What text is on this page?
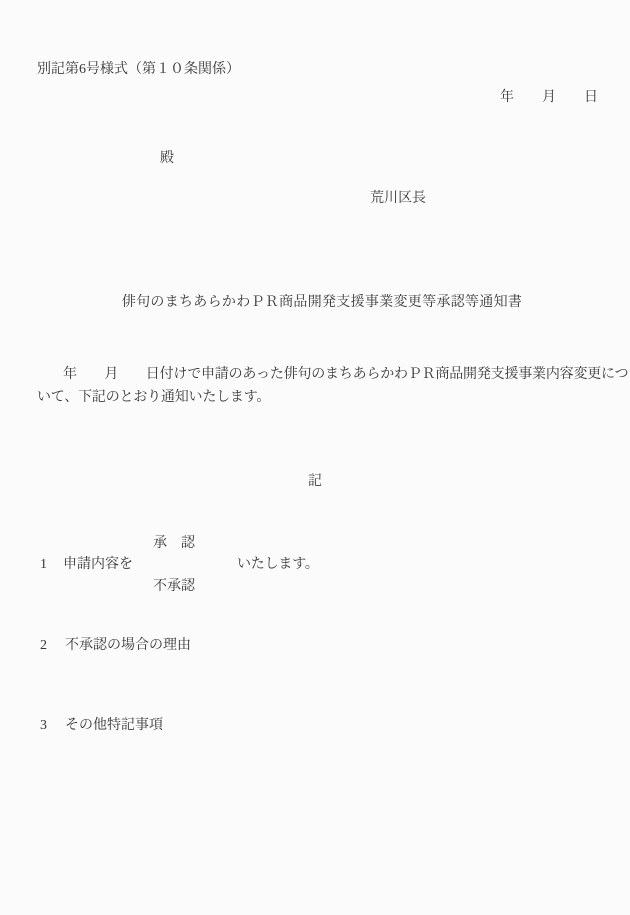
別記第6号様式（第１０条関係）
年　　月　　日
殿
荒川区長
俳句のまちあらかわＰＲ商品開発支援事業変更等承認等通知書
年　　月　　日付けで申請のあった俳句のまちあらかわＰＲ商品開発支援事業内容変更につ
いて、下記のとおり通知いたします。
記
承　認
1 申請内容を	いたします。
不承認
2 不承認の場合の理由
3 その他特記事項
